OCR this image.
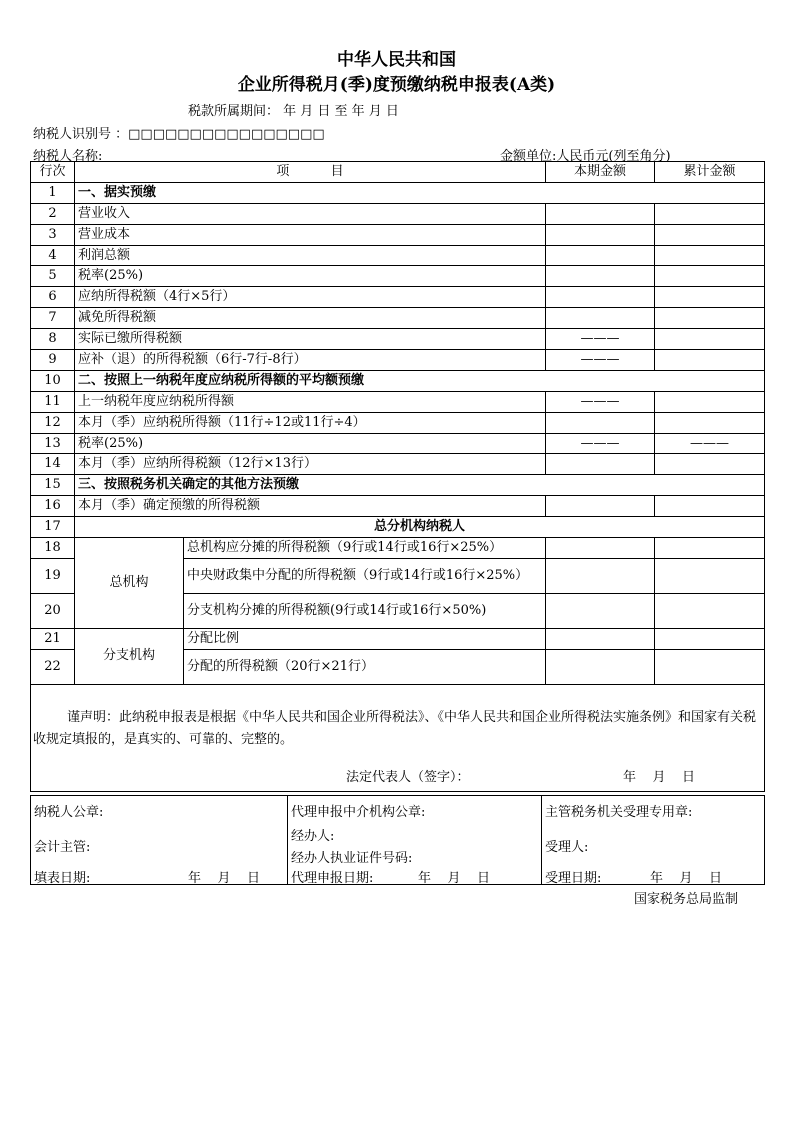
中华人民共和国
企业所得税月(季)度预缴纳税申报表(A类)
税款所属期间： 年 月 日 至 年 月 日
纳税人识别号 ：□□□□□□□□□□□□□□□□
纳税人名称:	金额单位:人民币元(列至角分)
行次	项          目		本期金额	累计金额
1	一、据实预缴			
2	营业收入			
3	营业成本			
4	利润总额			
5	税率(25%)			
6	应纳所得税额（4行×5行）			
7	减免所得税额			
8	实际已缴所得税额		———	
9	应补（退）的所得税额（6行-7行-8行）		———	
10	二、按照上一纳税年度应纳税所得额的平均额预缴			
11	上一纳税年度应纳税所得额		———	
12	本月（季）应纳税所得额（11行÷12或11行÷4）			
13	税率(25%)		———	———
14	本月（季）应纳所得税额（12行×13行）			
15	三、按照税务机关确定的其他方法预缴			
16	本月（季）确定预缴的所得税额			
17	总分机构纳税人			
18	总机构	总机构应分摊的所得税额（9行或14行或16行×25%）		
19		中央财政集中分配的所得税额（9行或14行或16行×25%）		
20		分支机构分摊的所得税额(9行或14行或16行×50%)		
21	分支机构	分配比例		
22		分配的所得税额（20行×21行）		

谨声明：此纳税申报表是根据《中华人民共和国企业所得税法》、《中华人民共和国企业所得税法实施条例》和国家有关税收规定填报的，是真实的、可靠的、完整的。
法定代表人（签字）： 年    月    日				
纳税人公章:
会计主管:
填表日期:	年    月    日

代理申报中介机构公章:
经办人:
经办人执业证件号码:
代理申报日期:	年    月    日

主管税务机关受理专用章:
受理人:
受理日期:	年    月    日
国家税务总局监制
